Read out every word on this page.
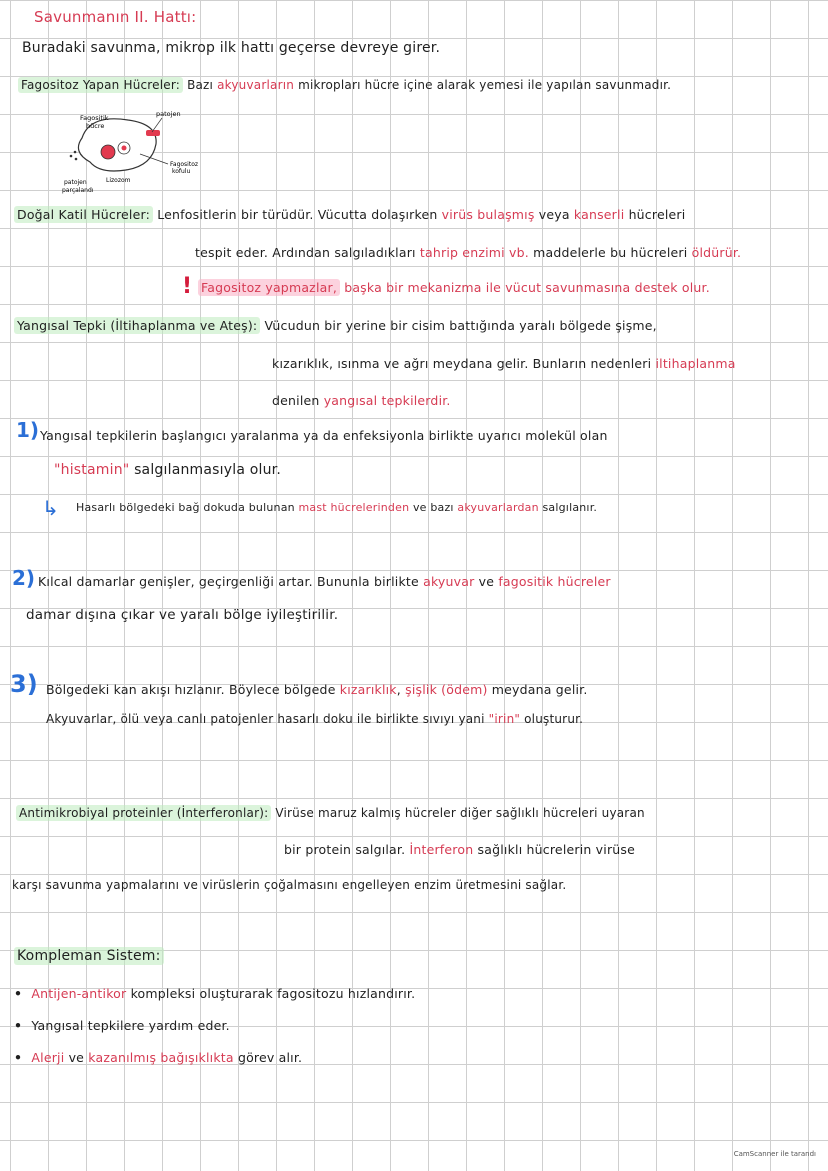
Savunmanın II. Hattı:
Buradaki savunma, mikrop ilk hattı geçerse devreye girer.
Fagositoz Yapan Hücreler: Bazı akyuvarların mikropları hücre içine alarak yemesi ile yapılan savunmadır.
Fagositik
hücre
patojen
Fagositoz
kofulu
patojen
parçalandı
Lizozom
Doğal Katil Hücreler: Lenfositlerin bir türüdür. Vücutta dolaşırken virüs bulaşmış veya kanserli hücreleri
tespit eder. Ardından salgıladıkları tahrip enzimi vb. maddelerle bu hücreleri öldürür.
! Fagositoz yapmazlar, başka bir mekanizma ile vücut savunmasına destek olur.
Yangısal Tepki (İltihaplanma ve Ateş): Vücudun bir yerine bir cisim battığında yaralı bölgede şişme,
kızarıklık, ısınma ve ağrı meydana gelir. Bunların nedenleri iltihaplanma
denilen yangısal tepkilerdir.
1) Yangısal tepkilerin başlangıcı yaralanma ya da enfeksiyonla birlikte uyarıcı molekül olan
"histamin" salgılanmasıyla olur.
↳ Hasarlı bölgedeki bağ dokuda bulunan mast hücrelerinden ve bazı akyuvarlardan salgılanır.
2) Kılcal damarlar genişler, geçirgenliği artar. Bununla birlikte akyuvar ve fagositik hücreler
damar dışına çıkar ve yaralı bölge iyileştirilir.
3) Bölgedeki kan akışı hızlanır. Böylece bölgede kızarıklık, şişlik (ödem) meydana gelir.
Akyuvarlar, ölü veya canlı patojenler hasarlı doku ile birlikte sıvıyı yani "irin" oluşturur.
Antimikrobiyal proteinler (İnterferonlar): Virüse maruz kalmış hücreler diğer sağlıklı hücreleri uyaran
bir protein salgılar. İnterferon sağlıklı hücrelerin virüse
karşı savunma yapmalarını ve virüslerin çoğalmasını engelleyen enzim üretmesini sağlar.
Kompleman Sistem:
• Antijen-antikor kompleksi oluşturarak fagositozu hızlandırır.
• Yangısal tepkilere yardım eder.
• Alerji ve kazanılmış bağışıklıkta görev alır.
CamScanner ile tarandı
